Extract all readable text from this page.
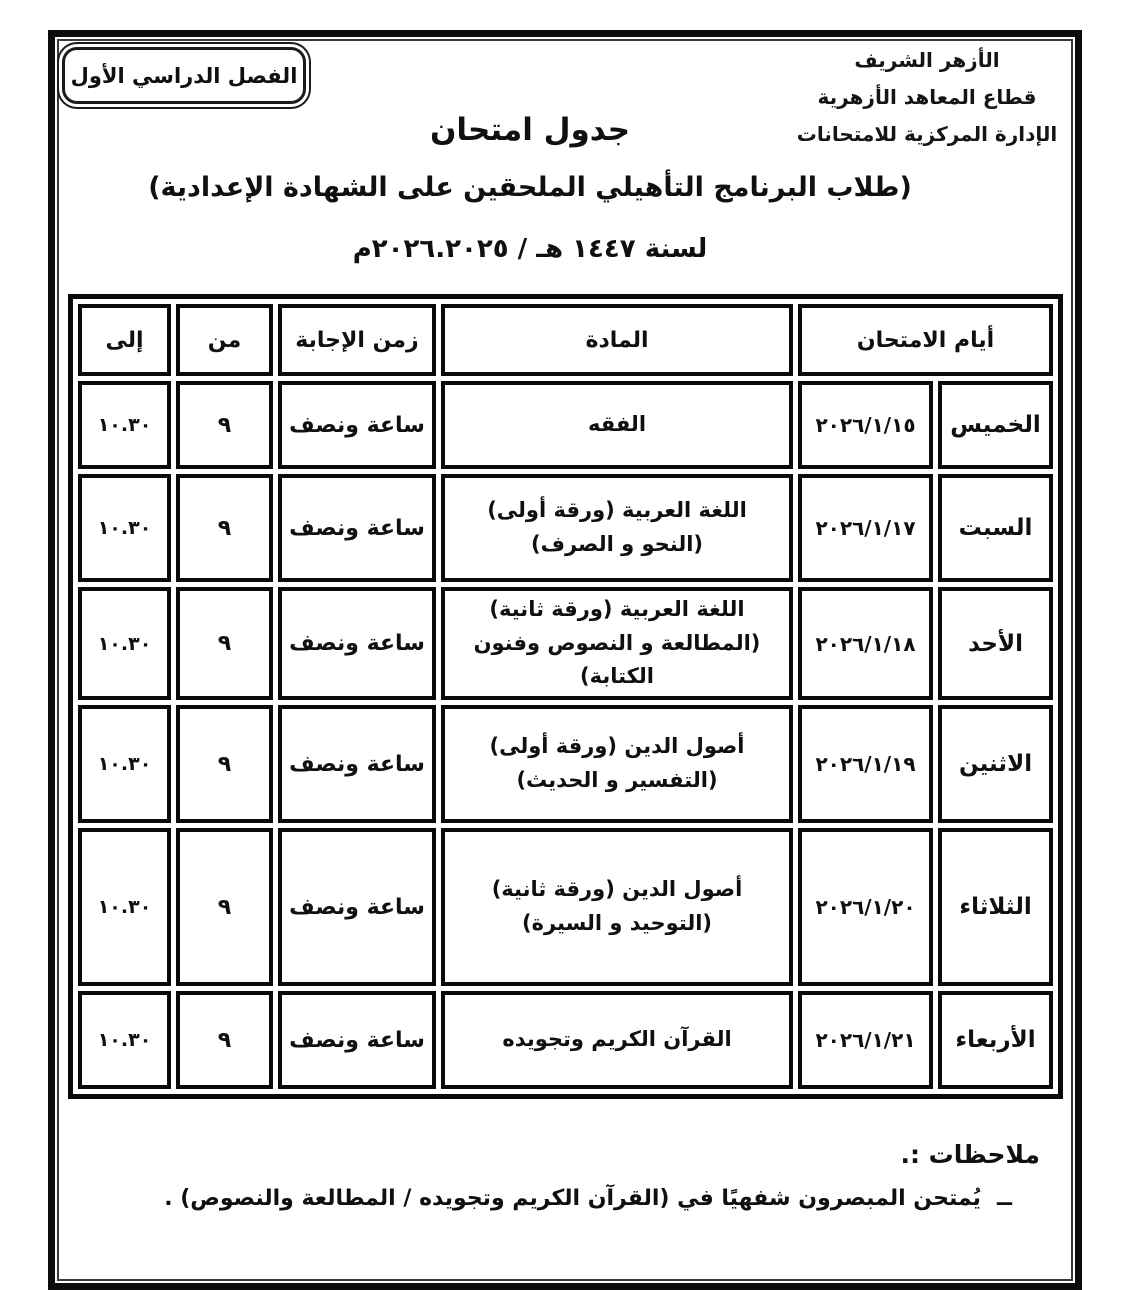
الفصل الدراسي الأول
الأزهر الشريف
قطاع المعاهد الأزهرية
الإدارة المركزية للامتحانات
جدول امتحان
(طلاب البرنامج التأهيلي الملحقين على الشهادة الإعدادية)
لسنة ١٤٤٧ هـ / ٢٠٢٦.٢٠٢٥م
أيام الامتحان		المادة	زمن الإجابة	من	إلى
الخميس	٢٠٢٦/١/١٥	الفقه	ساعة ونصف	٩	١٠.٣٠
السبت	٢٠٢٦/١/١٧	اللغة العربية (ورقة أولى)
(النحو و الصرف)	ساعة ونصف	٩	١٠.٣٠
الأحد	٢٠٢٦/١/١٨	اللغة العربية (ورقة ثانية)
(المطالعة و النصوص وفنون الكتابة)	ساعة ونصف	٩	١٠.٣٠
الاثنين	٢٠٢٦/١/١٩	أصول الدين (ورقة أولى)
(التفسير و الحديث)	ساعة ونصف	٩	١٠.٣٠
الثلاثاء	٢٠٢٦/١/٢٠	أصول الدين (ورقة ثانية)
(التوحيد و السيرة)	ساعة ونصف	٩	١٠.٣٠
الأربعاء	٢٠٢٦/١/٢١	القرآن الكريم وتجويده	ساعة ونصف	٩	١٠.٣٠
ملاحظات :.
ــيُمتحن المبصرون شفهيًا في (القرآن الكريم وتجويده / المطالعة والنصوص) .
